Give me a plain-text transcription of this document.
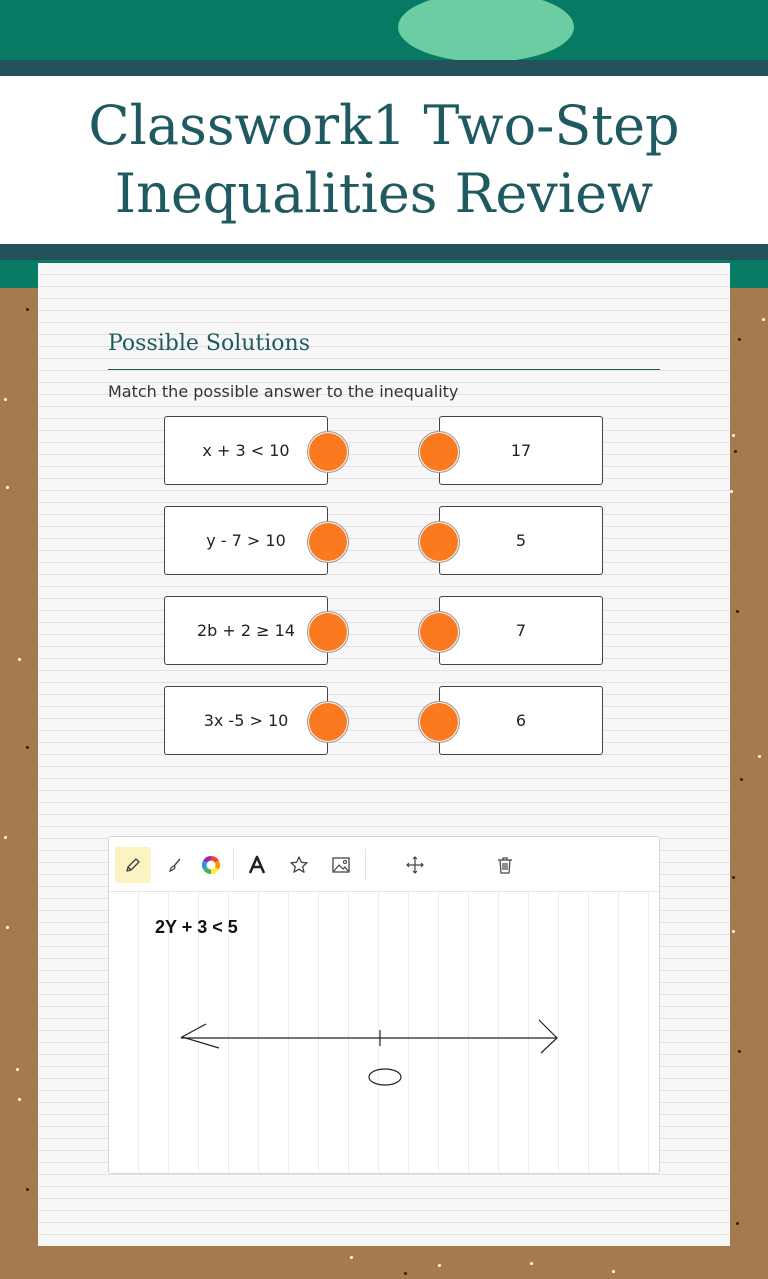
Classwork1 Two-Step Inequalities Review
Possible Solutions
Match the possible answer to the inequality
x + 3 < 10	17
y - 7 > 10	5
2b + 2 ≥ 14	7
3x -5 > 10	6
2Y + 3 < 5
